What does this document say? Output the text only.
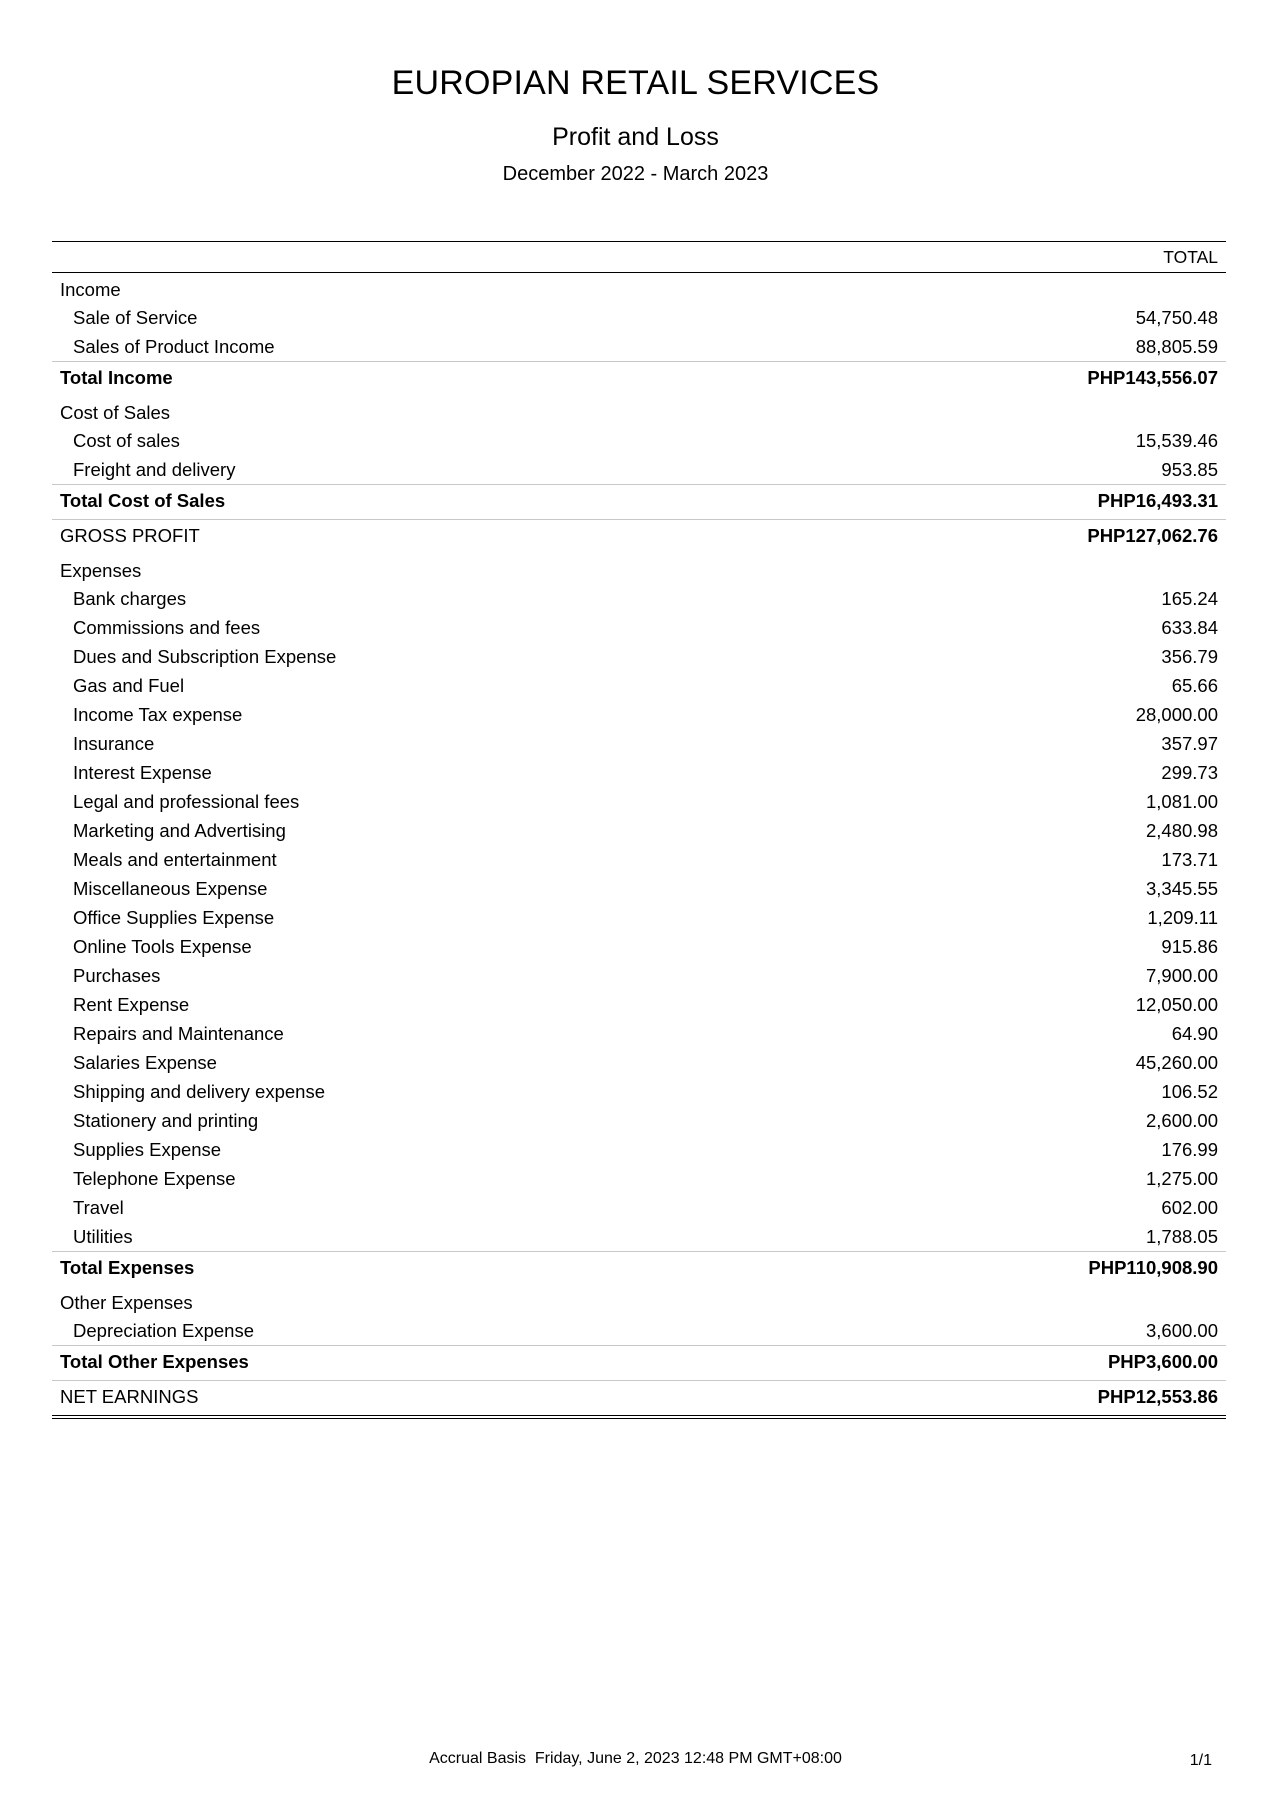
EUROPIAN RETAIL SERVICES
Profit and Loss
December 2022 - March 2023
TOTAL
Income
Sale of Service	54,750.48
Sales of Product Income	88,805.59
Total Income	PHP143,556.07
Cost of Sales
Cost of sales	15,539.46
Freight and delivery	953.85
Total Cost of Sales	PHP16,493.31
GROSS PROFIT	PHP127,062.76
Expenses
Bank charges	165.24
Commissions and fees	633.84
Dues and Subscription Expense	356.79
Gas and Fuel	65.66
Income Tax expense	28,000.00
Insurance	357.97
Interest Expense	299.73
Legal and professional fees	1,081.00
Marketing and Advertising	2,480.98
Meals and entertainment	173.71
Miscellaneous Expense	3,345.55
Office Supplies Expense	1,209.11
Online Tools Expense	915.86
Purchases	7,900.00
Rent Expense	12,050.00
Repairs and Maintenance	64.90
Salaries Expense	45,260.00
Shipping and delivery expense	106.52
Stationery and printing	2,600.00
Supplies Expense	176.99
Telephone Expense	1,275.00
Travel	602.00
Utilities	1,788.05
Total Expenses	PHP110,908.90
Other Expenses
Depreciation Expense	3,600.00
Total Other Expenses	PHP3,600.00
NET EARNINGS	PHP12,553.86
Accrual Basis  Friday, June 2, 2023 12:48 PM GMT+08:00	1/1
